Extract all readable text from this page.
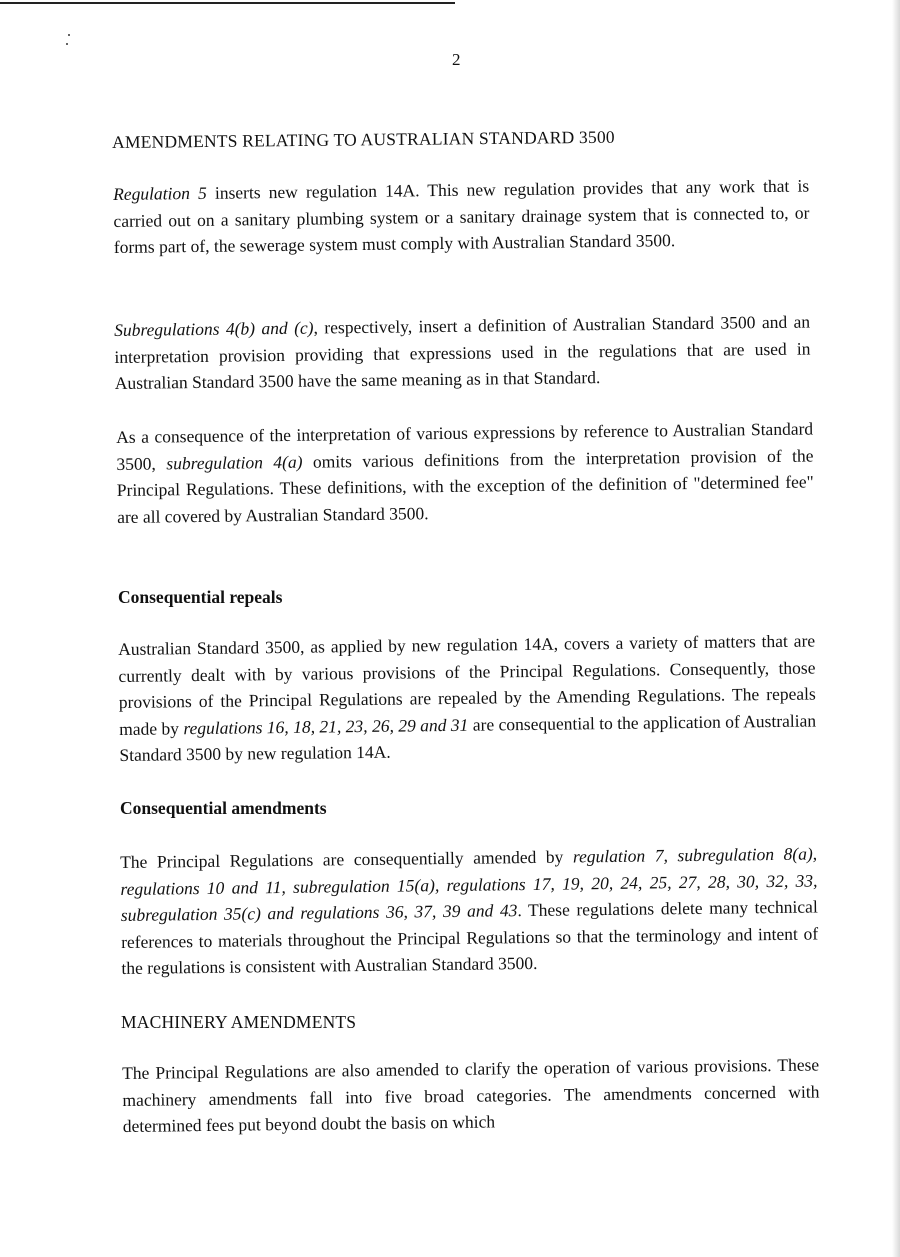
2
AMENDMENTS RELATING TO AUSTRALIAN STANDARD 3500

Regulation 5 inserts new regulation 14A. This new regulation provides that any work that is carried out on a sanitary plumbing system or a sanitary drainage system that is connected to, or forms part of, the sewerage system must comply with Australian Standard 3500.

Subregulations 4(b) and (c), respectively, insert a definition of Australian Standard 3500 and an interpretation provision providing that expressions used in the regulations that are used in Australian Standard 3500 have the same meaning as in that Standard.

As a consequence of the interpretation of various expressions by reference to Australian Standard 3500, subregulation 4(a) omits various definitions from the interpretation provision of the Principal Regulations. These definitions, with the exception of the definition of "determined fee" are all covered by Australian Standard 3500.

Consequential repeals

Australian Standard 3500, as applied by new regulation 14A, covers a variety of matters that are currently dealt with by various provisions of the Principal Regulations. Consequently, those provisions of the Principal Regulations are repealed by the Amending Regulations. The repeals made by regulations 16, 18, 21, 23, 26, 29 and 31 are consequential to the application of Australian Standard 3500 by new regulation 14A.

Consequential amendments

The Principal Regulations are consequentially amended by regulation 7, subregulation 8(a), regulations 10 and 11, subregulation 15(a), regulations 17, 19, 20, 24, 25, 27, 28, 30, 32, 33, subregulation 35(c) and regulations 36, 37, 39 and 43. These regulations delete many technical references to materials throughout the Principal Regulations so that the terminology and intent of the regulations is consistent with Australian Standard 3500.

MACHINERY AMENDMENTS

The Principal Regulations are also amended to clarify the operation of various provisions. These machinery amendments fall into five broad categories. The amendments concerned with determined fees put beyond doubt the basis on which
